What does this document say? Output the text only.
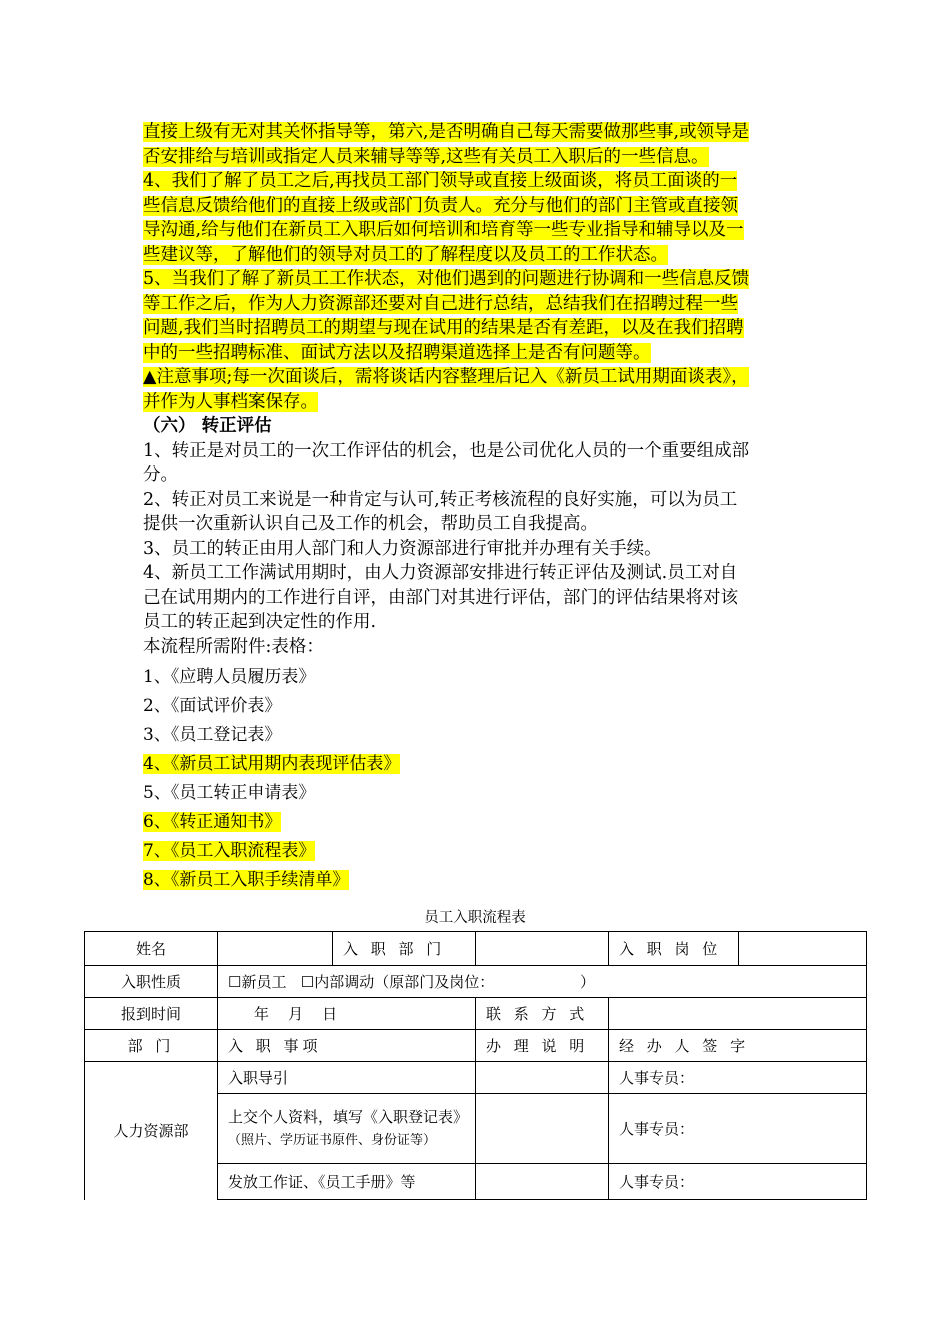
直接上级有无对其关怀指导等，第六,是否明确自己每天需要做那些事,或领导是
否安排给与培训或指定人员来辅导等等,这些有关员工入职后的一些信息。
4、我们了解了员工之后,再找员工部门领导或直接上级面谈，将员工面谈的一
些信息反馈给他们的直接上级或部门负责人。充分与他们的部门主管或直接领
导沟通,给与他们在新员工入职后如何培训和培育等一些专业指导和辅导以及一
些建议等，了解他们的领导对员工的了解程度以及员工的工作状态。
5、当我们了解了新员工工作状态，对他们遇到的问题进行协调和一些信息反馈
等工作之后，作为人力资源部还要对自己进行总结，总结我们在招聘过程一些
问题,我们当时招聘员工的期望与现在试用的结果是否有差距，以及在我们招聘
中的一些招聘标准、面试方法以及招聘渠道选择上是否有问题等。
▲注意事项;每一次面谈后，需将谈话内容整理后记入《新员工试用期面谈表》，
并作为人事档案保存。
（六） 转正评估
1、转正是对员工的一次工作评估的机会，也是公司优化人员的一个重要组成部
分。
2、转正对员工来说是一种肯定与认可,转正考核流程的良好实施，可以为员工
提供一次重新认识自己及工作的机会，帮助员工自我提高。
3、员工的转正由用人部门和人力资源部进行审批并办理有关手续。
4、新员工工作满试用期时，由人力资源部安排进行转正评估及测试.员工对自
己在试用期内的工作进行自评，由部门对其进行评估，部门的评估结果将对该
员工的转正起到决定性的作用.
本流程所需附件:表格：
1、《应聘人员履历表》
2、《面试评价表》
3、《员工登记表》
4、《新员工试用期内表现评估表》
5、《员工转正申请表》
6、《转正通知书》
7、《员工入职流程表》
8、《新员工入职手续清单》
员工入职流程表
姓名		入 职 部 门		入 职 岗 位	
入职性质	☐新员工   ☐内部调动（原部门及岗位：                  ）				
报到时间	年    月    日		联 系 方 式		
部 门	入 职 事项		办 理 说 明	经 办 人 签 字	
人力资源部	入职导引			人事专员：	
	上交个人资料，填写《入职登记表》（照片、学历证书原件、身份证等）			人事专员：	
	发放工作证、《员工手册》等			人事专员：	
